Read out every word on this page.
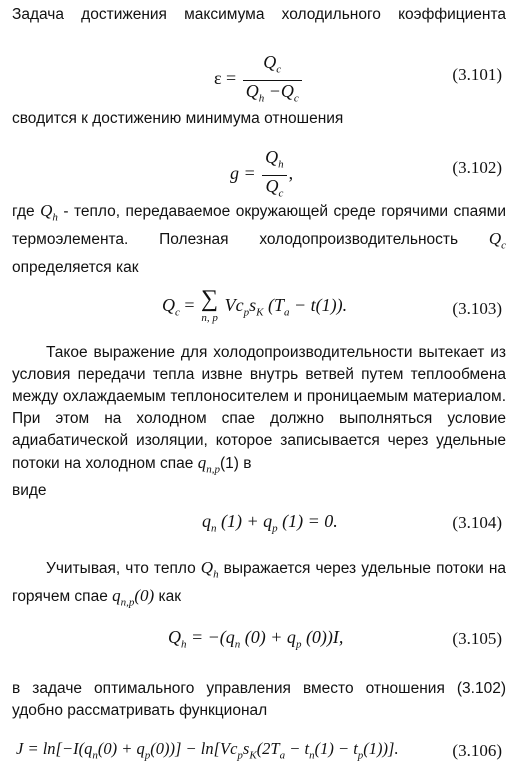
Задача достижения максимума холодильного коэффициента

$\varepsilon = \frac{Q_c}{Q_h -Q_c}$	(3.101)

сводится к достижению минимума отношения

$g = \frac{Q_h}{Q_c}$ ,	(3.102)

где $Q_h$ - тепло, передаваемое окружающей среде горячими спаями термоэлемента. Полезная холодопроизводительность $Q_c$ определяется как

$Q_c$ = ∑
n, p
$Vc_ps_K$ $(T_a - t(1))$.	(3.103)

Такое выражение для холодопроизводительности вытекает из условия передачи тепла извне внутрь ветвей путем теплообмена между охлаждаемым теплоносителем и проницаемым материалом. При этом на холодном спае должно выполняться условие адиабатической изоляции, которое записывается через удельные потоки на холодном спае $q_{n,p}(1)$ в
виде

$q_n$ $(1) + q_p$ (1) = 0.	(3.104)

Учитывая, что тепло $Q_h$ выражается через удельные потоки на горячем спае $q_{n,p}(0)$ как

$Q_h = -(q_n$ $(0) + q_p$ (0))I,	(3.105)

в задаче оптимального управления вместо отношения (3.102) удобно рассматривать функционал

$J = \ln[-I(q_n(0) + q_p(0))] - \ln[Vc_ps_K(2T_a - t_n(1) - t_p(1))]$.	(3.106)
